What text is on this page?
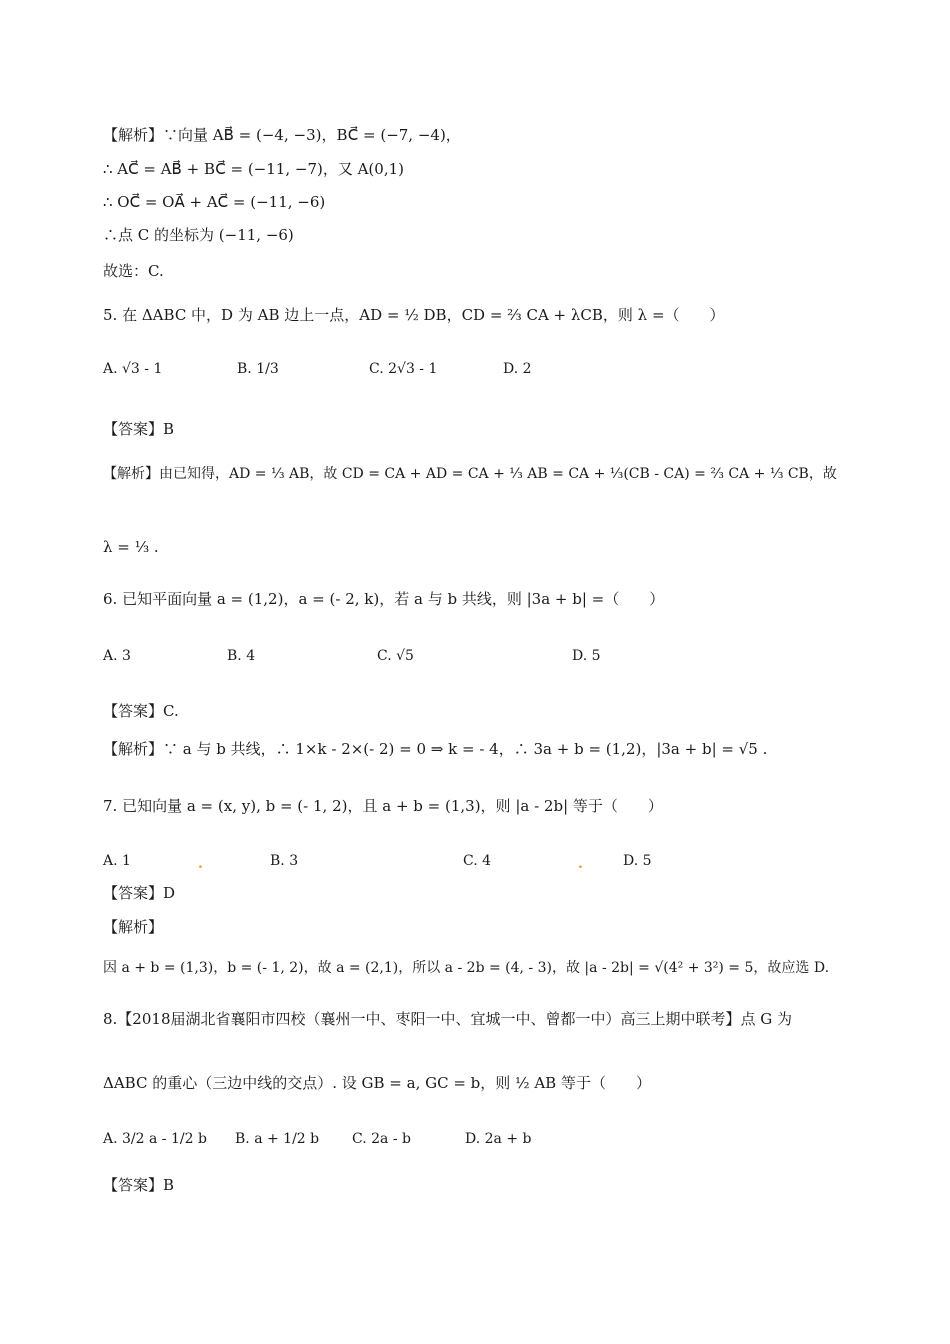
【解析】∵向量 AB⃗ = (−4, −3)，BC⃗ = (−7, −4)，
∴ AC⃗ = AB⃗ + BC⃗ = (−11, −7)，又 A(0,1)
∴ OC⃗ = OA⃗ + AC⃗ = (−11, −6)
∴点 C 的坐标为 (−11, −6)
故选：C.
5. 在 ΔABC 中，D 为 AB 边上一点，AD = ½ DB，CD = ⅔ CA + λCB，则 λ =（　　）
A. √3 - 1	B. 1/3	C. 2√3 - 1	D. 2
【答案】B
【解析】由已知得，AD = ⅓ AB，故 CD = CA + AD = CA + ⅓ AB = CA + ⅓(CB - CA) = ⅔ CA + ⅓ CB，故
λ = ⅓ .
6. 已知平面向量 a = (1,2)，a = (- 2, k)，若 a 与 b 共线，则 |3a + b| =（　　）
A. 3	B. 4	C. √5	D. 5
【答案】C.
【解析】∵ a 与 b 共线，∴ 1×k - 2×(- 2) = 0 ⇒ k = - 4，∴ 3a + b = (1,2)，|3a + b| = √5 .
7. 已知向量 a = (x, y), b = (- 1, 2)，且 a + b = (1,3)，则 |a - 2b| 等于（　　）
A. 1	.	B. 3	C. 4	.	D. 5
【答案】D
【解析】
因 a + b = (1,3)，b = (- 1, 2)，故 a = (2,1)，所以 a - 2b = (4, - 3)，故 |a - 2b| = √(4² + 3²) = 5，故应选 D.
8.【2018届湖北省襄阳市四校（襄州一中、枣阳一中、宜城一中、曾都一中）高三上期中联考】点 G 为
ΔABC 的重心（三边中线的交点）. 设 GB = a, GC = b，则 ½ AB 等于（　　）
A. 3/2 a - 1/2 b B. a + 1/2 b C. 2a - b	D. 2a + b
【答案】B
